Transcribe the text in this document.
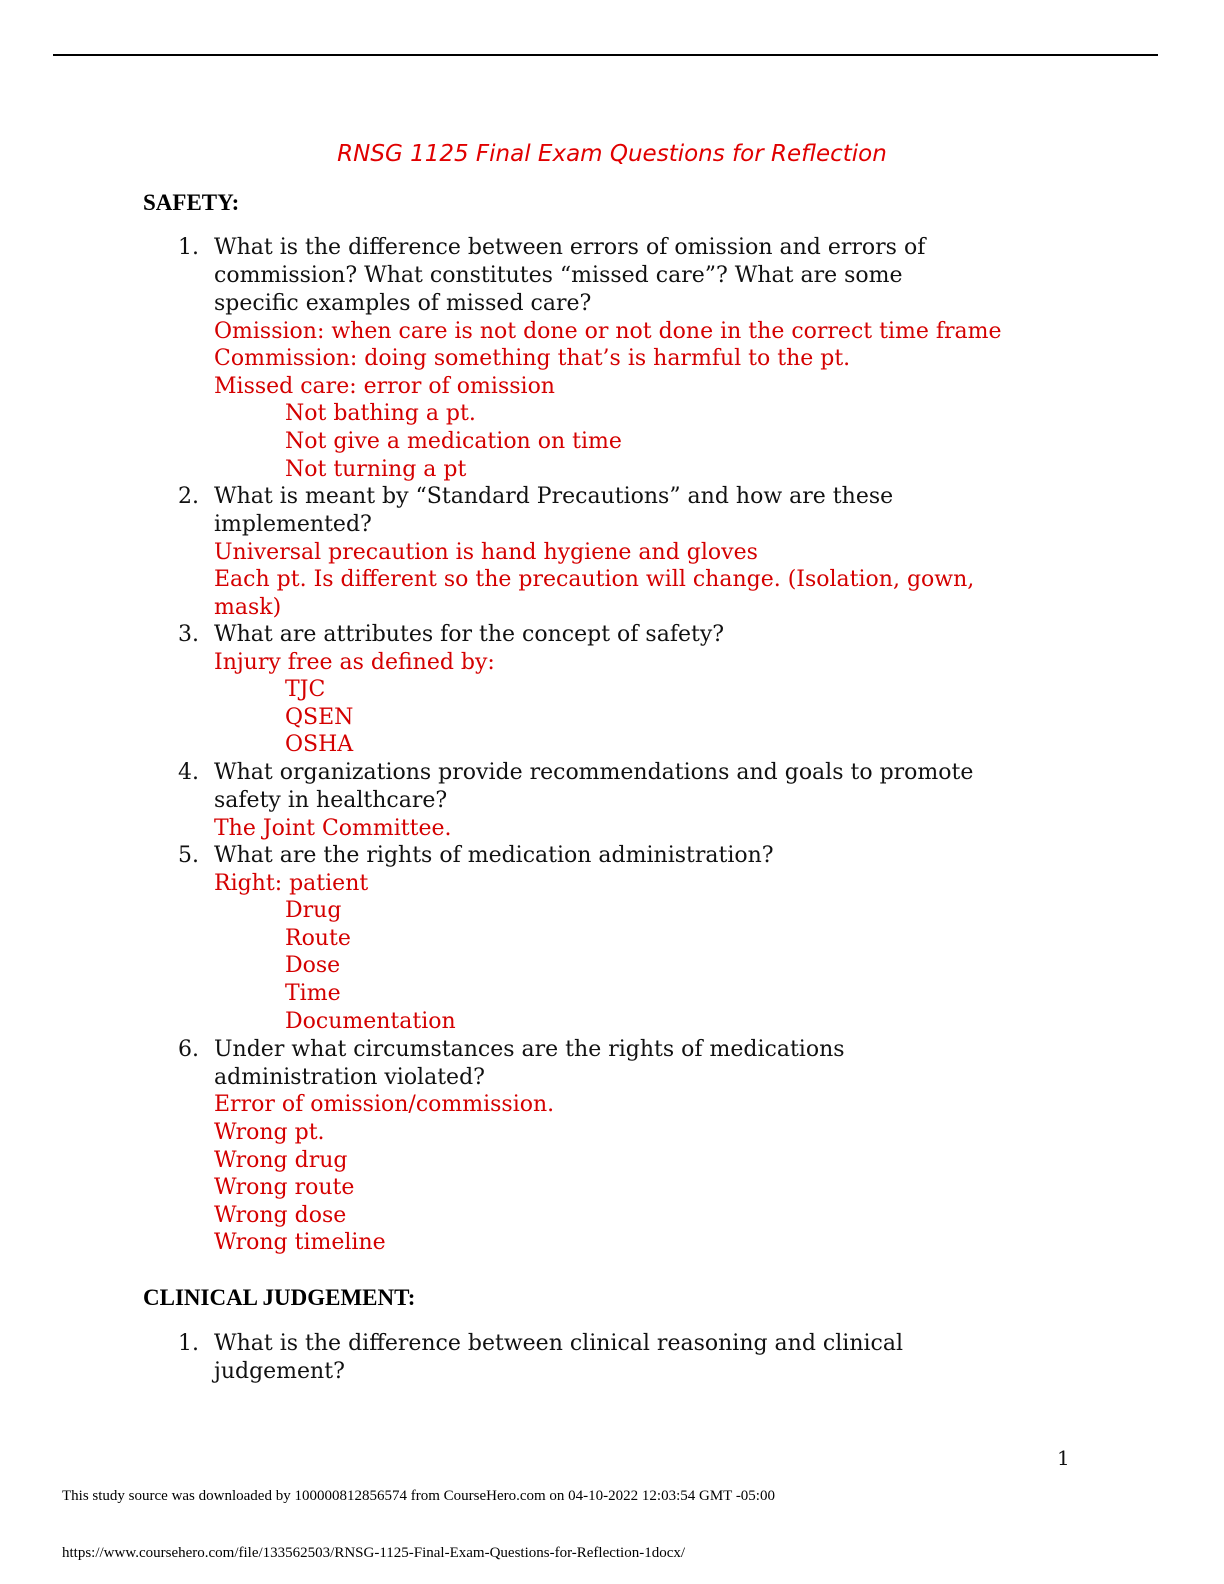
RNSG 1125 Final Exam Questions for Reflection
SAFETY:
1. What is the difference between errors of omission and errors of
commission? What constitutes “missed care”? What are some
specific examples of missed care?
Omission: when care is not done or not done in the correct time frame
Commission: doing something that’s is harmful to the pt.
Missed care: error of omission
Not bathing a pt.
Not give a medication on time
Not turning a pt
2. What is meant by “Standard Precautions” and how are these
implemented?
Universal precaution is hand hygiene and gloves
Each pt. Is different so the precaution will change. (Isolation, gown,
mask)
3. What are attributes for the concept of safety?
Injury free as defined by:
TJC
QSEN
OSHA
4. What organizations provide recommendations and goals to promote
safety in healthcare?
The Joint Committee.
5. What are the rights of medication administration?
Right: patient
Drug
Route
Dose
Time
Documentation
6. Under what circumstances are the rights of medications
administration violated?
Error of omission/commission.
Wrong pt.
Wrong drug
Wrong route
Wrong dose
Wrong timeline
CLINICAL JUDGEMENT:
1. What is the difference between clinical reasoning and clinical
judgement?
1
This study source was downloaded by 100000812856574 from CourseHero.com on 04-10-2022 12:03:54 GMT -05:00
https://www.coursehero.com/file/133562503/RNSG-1125-Final-Exam-Questions-for-Reflection-1docx/
